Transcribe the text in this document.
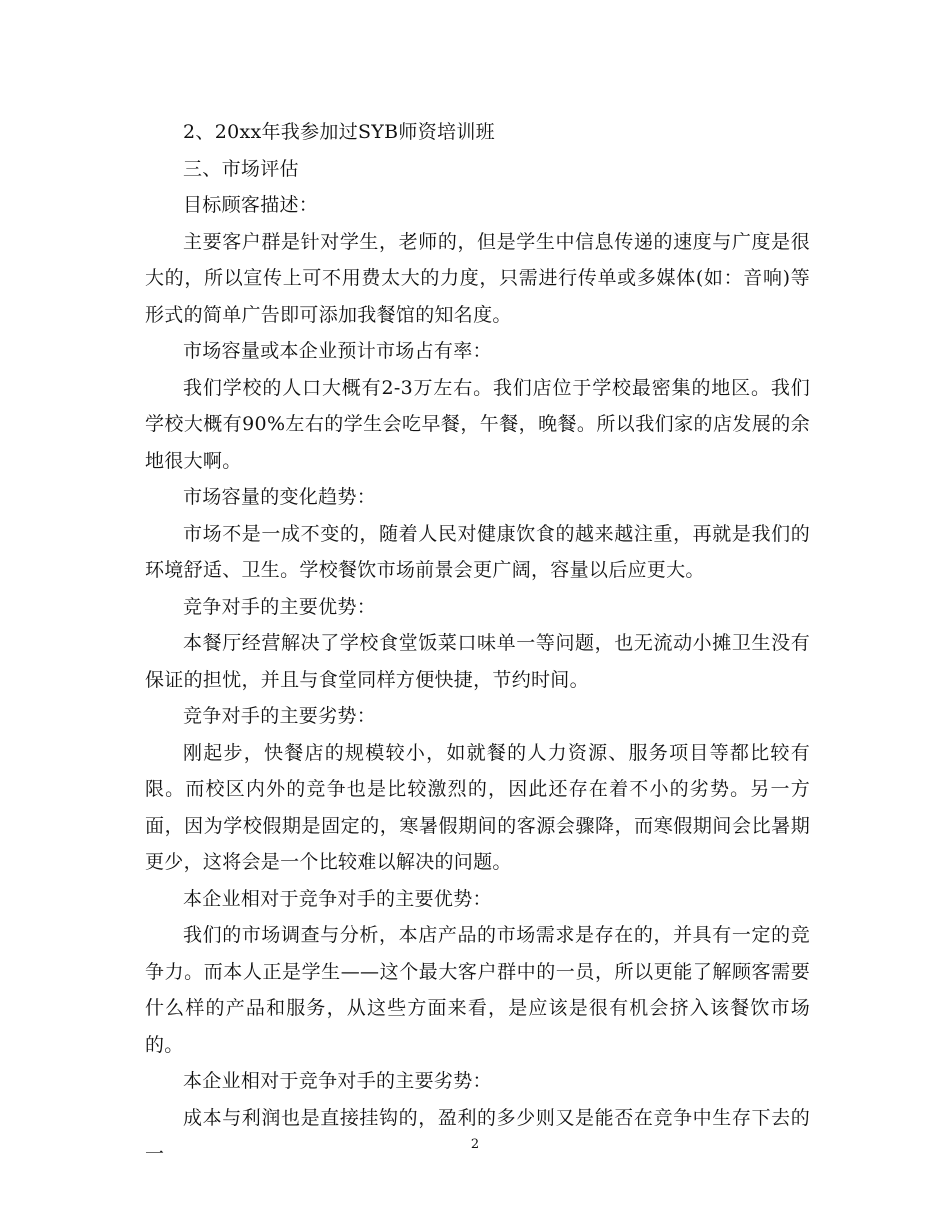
2、20xx年我参加过SYB师资培训班

三、市场评估

目标顾客描述：

主要客户群是针对学生，老师的，但是学生中信息传递的速度与广度是很大的，所以宣传上可不用费太大的力度，只需进行传单或多媒体(如：音响)等形式的简单广告即可添加我餐馆的知名度。

市场容量或本企业预计市场占有率：

我们学校的人口大概有2-3万左右。我们店位于学校最密集的地区。我们学校大概有90%左右的学生会吃早餐，午餐，晚餐。所以我们家的店发展的余地很大啊。

市场容量的变化趋势：

市场不是一成不变的，随着人民对健康饮食的越来越注重，再就是我们的环境舒适、卫生。学校餐饮市场前景会更广阔，容量以后应更大。

竞争对手的主要优势：

本餐厅经营解决了学校食堂饭菜口味单一等问题，也无流动小摊卫生没有保证的担忧，并且与食堂同样方便快捷，节约时间。

竞争对手的主要劣势：

刚起步，快餐店的规模较小，如就餐的人力资源、服务项目等都比较有限。而校区内外的竞争也是比较激烈的，因此还存在着不小的劣势。另一方面，因为学校假期是固定的，寒暑假期间的客源会骤降，而寒假期间会比暑期更少，这将会是一个比较难以解决的问题。

本企业相对于竞争对手的主要优势：

我们的市场调查与分析，本店产品的市场需求是存在的，并具有一定的竞争力。而本人正是学生——这个最大客户群中的一员，所以更能了解顾客需要什么样的产品和服务，从这些方面来看，是应该是很有机会挤入该餐饮市场的。

本企业相对于竞争对手的主要劣势：

成本与利润也是直接挂钩的，盈利的多少则又是能否在竞争中生存下去的一	2
